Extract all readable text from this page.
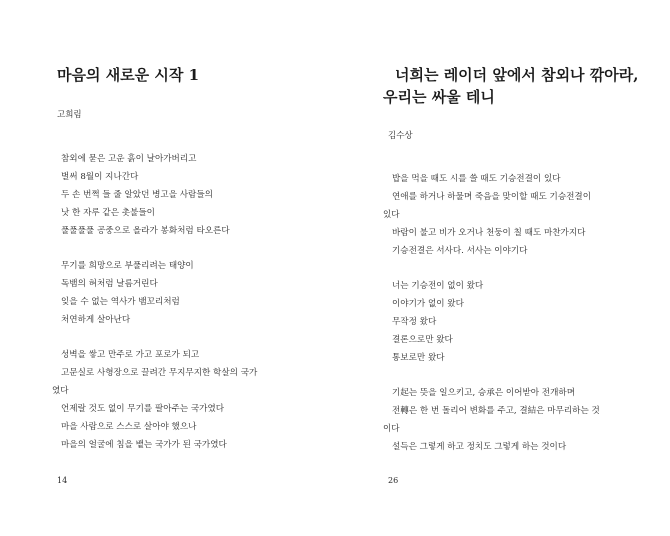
마음의 새로운 시작 1
고희림
참외에 묻은 고운 흙이 날아가버리고
벌써 8월이 지나간다
두 손 번쩍 들 줄 알았던 병고을 사람들의
낫 한 자루 같은 촛불들이
풀풀풀풀 공중으로 올라가 봉화처럼 타오른다
무기를 희망으로 부풀리려는 태양이
독뱀의 혀처럼 날름거린다
잊을 수 없는 역사가 뱀꼬리처럼
처연하게 살아난다
성벽을 쌓고 만주로 가고 포로가 되고
고문실로 사형장으로 끌려간 무지무지한 학살의 국가
였다
언제랄 것도 없이 무기를 팔아주는 국가였다
마을 사람으로 스스로 살아야 했으나
마을의 얼굴에 침을 뱉는 국가가 된 국가였다
14
너희는 레이더 앞에서 참외나 깎아라,
우리는 싸울 테니
김수상
밥을 먹을 때도 시를 쓸 때도 기승전결이 있다
연애를 하거나 하물며 죽음을 맞이할 때도 기승전결이
있다
바람이 불고 비가 오거나 천둥이 칠 때도 마찬가지다
기승전결은 서사다. 서사는 이야기다
너는 기승전이 없이 왔다
이야기가 없이 왔다
무작정 왔다
결론으로만 왔다
통보로만 왔다
기起는 뜻을 일으키고, 승承은 이어받아 전개하며
전轉은 한 번 돌리어 변화를 주고, 결結은 마무리하는 것
이다
설득은 그렇게 하고 정치도 그렇게 하는 것이다
26
